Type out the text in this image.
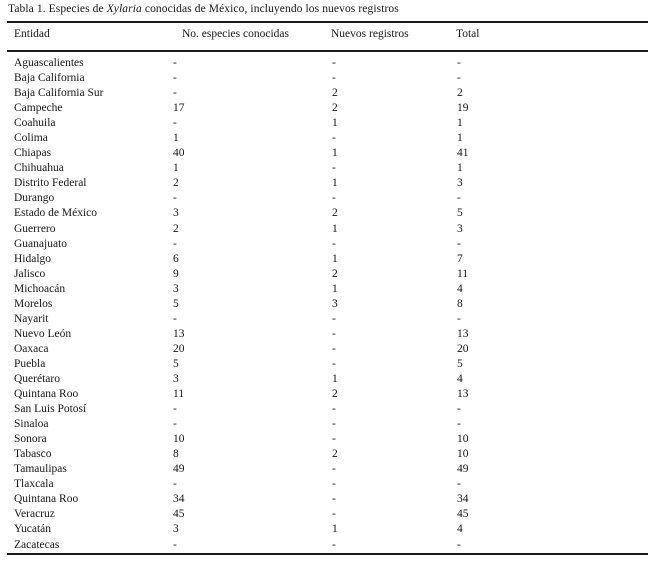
Tabla 1. Especies de Xylaria conocidas de México, incluyendo los nuevos registros
Entidad	No. especies conocidas	Nuevos registros	Total
Aguascalientes	-	-	-
Baja California	-	-	-
Baja California Sur	-	2	2
Campeche	17	2	19
Coahuila	-	1	1
Colima	1	-	1
Chiapas	40	1	41
Chihuahua	1	-	1
Distrito Federal	2	1	3
Durango	-	-	-
Estado de México	3	2	5
Guerrero	2	1	3
Guanajuato	-	-	-
Hidalgo	6	1	7
Jalisco	9	2	11
Michoacán	3	1	4
Morelos	5	3	8
Nayarit	-	-	-
Nuevo León	13	-	13
Oaxaca	20	-	20
Puebla	5	-	5
Querétaro	3	1	4
Quintana Roo	11	2	13
San Luis Potosí	-	-	-
Sinaloa	-	-	-
Sonora	10	-	10
Tabasco	8	2	10
Tamaulipas	49	-	49
Tlaxcala	-	-	-
Quintana Roo	34	-	34
Veracruz	45	-	45
Yucatán	3	1	4
Zacatecas	-	-	-
